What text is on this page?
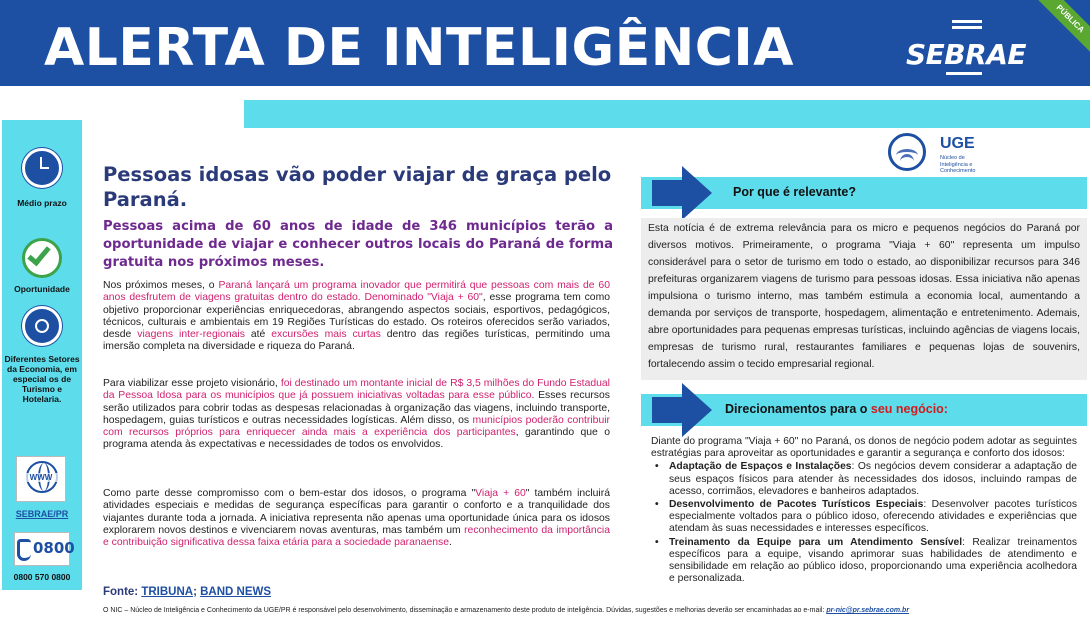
ALERTA DE INTELIGÊNCIA	SEBRAE
PÚBLICA
Médio prazo
Oportunidade
Diferentes Setores da Economia, em especial os de Turismo e Hotelaria.
WWW
SEBRAE/PR
0800
0800 570 0800
Pessoas idosas vão poder viajar de graça pelo Paraná.
Pessoas acima de 60 anos de idade de 346 municípios terão a oportunidade de viajar e conhecer outros locais do Paraná de forma gratuita nos próximos meses.
Nos próximos meses, o Paraná lançará um programa inovador que permitirá que pessoas com mais de 60 anos desfrutem de viagens gratuitas dentro do estado. Denominado "Viaja + 60", esse programa tem como objetivo proporcionar experiências enriquecedoras, abrangendo aspectos sociais, esportivos, pedagógicos, técnicos, culturais e ambientais em 19 Regiões Turísticas do estado. Os roteiros oferecidos serão variados, desde viagens inter-regionais até excursões mais curtas dentro das regiões turísticas, permitindo uma imersão completa na diversidade e riqueza do Paraná.
Para viabilizar esse projeto visionário, foi destinado um montante inicial de R$ 3,5 milhões do Fundo Estadual da Pessoa Idosa para os municípios que já possuem iniciativas voltadas para esse público. Esses recursos serão utilizados para cobrir todas as despesas relacionadas à organização das viagens, incluindo transporte, hospedagem, guias turísticos e outras necessidades logísticas. Além disso, os municípios poderão contribuir com recursos próprios para enriquecer ainda mais a experiência dos participantes, garantindo que o programa atenda às expectativas e necessidades de todos os envolvidos.
Como parte desse compromisso com o bem-estar dos idosos, o programa "Viaja + 60" também incluirá atividades especiais e medidas de segurança específicas para garantir o conforto e a tranquilidade dos viajantes durante toda a jornada. A iniciativa representa não apenas uma oportunidade única para os idosos explorarem novos destinos e vivenciarem novas aventuras, mas também um reconhecimento da importância e contribuição significativa dessa faixa etária para a sociedade paranaense.
Fonte: TRIBUNA; BAND NEWS
UGE
Núcleo de Inteligência e Conhecimento
Por que é relevante?

Esta notícia é de extrema relevância para os micro e pequenos negócios do Paraná por diversos motivos. Primeiramente, o programa "Viaja + 60" representa um impulso considerável para o setor de turismo em todo o estado, ao disponibilizar recursos para 346 prefeituras organizarem viagens de turismo para pessoas idosas. Essa iniciativa não apenas impulsiona o turismo interno, mas também estimula a economia local, aumentando a demanda por serviços de transporte, hospedagem, alimentação e entretenimento. Ademais, abre oportunidades para pequenas empresas turísticas, incluindo agências de viagens locais, empresas de turismo rural, restaurantes familiares e pequenas lojas de souvenirs, fortalecendo assim o tecido empresarial regional.

Direcionamentos para o seu negócio:
Diante do programa "Viaja + 60" no Paraná, os donos de negócio podem adotar as seguintes estratégias para aproveitar as oportunidades e garantir a segurança e conforto dos idosos:
• Adaptação de Espaços e Instalações: Os negócios devem considerar a adaptação de seus espaços físicos para atender às necessidades dos idosos, incluindo rampas de acesso, corrimãos, elevadores e banheiros adaptados.
• Desenvolvimento de Pacotes Turísticos Especiais: Desenvolver pacotes turísticos especialmente voltados para o público idoso, oferecendo atividades e experiências que atendam às suas necessidades e interesses específicos.
• Treinamento da Equipe para um Atendimento Sensível: Realizar treinamentos específicos para a equipe, visando aprimorar suas habilidades de atendimento e sensibilidade em relação ao público idoso, proporcionando uma experiência acolhedora e personalizada.
O NIC – Núcleo de Inteligência e Conhecimento da UGE/PR é responsável pelo desenvolvimento, disseminação e armazenamento deste produto de inteligência. Dúvidas, sugestões e melhorias deverão ser encaminhadas ao e-mail: pr-nic@pr.sebrae.com.br
